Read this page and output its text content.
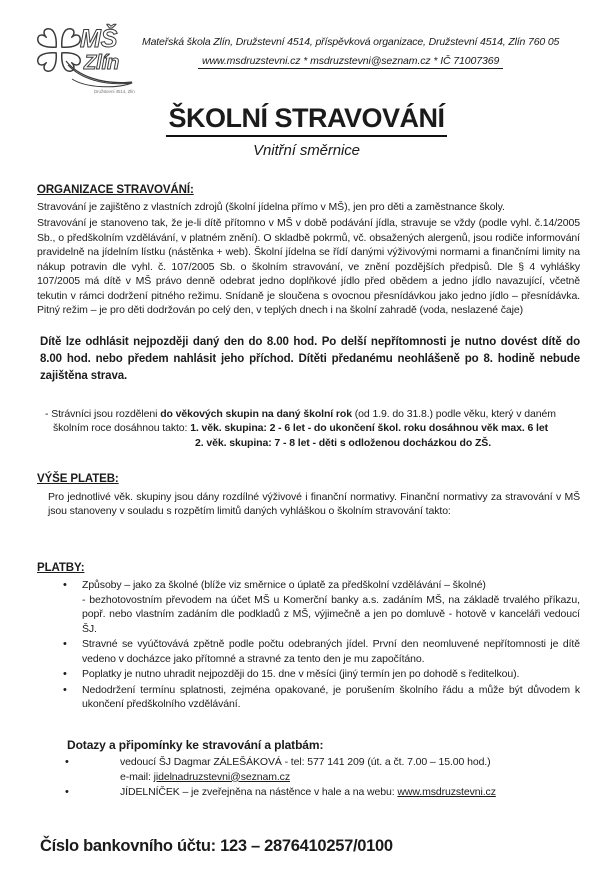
MŠ
Zlín
Družstevní 4514, Zlín
Mateřská škola Zlín, Družstevní 4514, příspěvková organizace, Družstevní 4514, Zlín 760 05
www.msdruzstevni.cz * msdruzstevni@seznam.cz * IČ 71007369
ŠKOLNÍ STRAVOVÁNÍ
Vnitřní směrnice
ORGANIZACE STRAVOVÁNÍ:
Stravování je zajištěno z vlastních zdrojů (školní jídelna přímo v MŠ), jen pro děti a zaměstnance školy.
Stravování je stanoveno tak, že je-li dítě přítomno v MŠ v době podávání jídla, stravuje se vždy (podle vyhl. č.14/2005 Sb., o předškolním vzdělávání, v platném znění). O skladbě pokrmů, vč. obsažených alergenů, jsou rodiče informování pravidelně na jídelním lístku (nástěnka + web). Školní jídelna se řídí danými výživovými normami a finančními limity na nákup potravin dle vyhl. č. 107/2005 Sb. o školním stravování, ve znění pozdějších předpisů. Dle § 4 vyhlášky 107/2005 má dítě v MŠ právo denně odebrat jedno doplňkové jídlo před obědem a jedno jídlo navazující, včetně tekutin v rámci dodržení pitného režimu. Snídaně je sloučena s ovocnou přesnídávkou jako jedno jídlo – přesnídávka. Pitný režim – je pro děti dodržován po celý den, v teplých dnech i na školní zahradě (voda, neslazené čaje)
Dítě lze odhlásit nejpozději daný den do 8.00 hod. Po delší nepřítomnosti je nutno dovést dítě do 8.00 hod. nebo předem nahlásit jeho příchod. Dítěti předanému neohlášeně po 8. hodině nebude zajištěna strava.
- Strávníci jsou rozděleni do věkových skupin na daný školní rok (od 1.9. do 31.8.) podle věku, který v daném
školním roce dosáhnou takto: 1. věk. skupina: 2 - 6 let - do ukončení škol. roku dosáhnou věk max. 6 let
2. věk. skupina: 7 - 8 let - děti s odloženou docházkou do ZŠ.
VÝŠE PLATEB:
Pro jednotlivé věk. skupiny jsou dány rozdílné výživové i finanční normativy. Finanční normativy za stravování v MŠ jsou stanoveny v souladu s rozpětím limitů daných vyhláškou o školním stravování takto:
PLATBY:
• Způsoby – jako za školné (blíže viz směrnice o úplatě za předškolní vzdělávání – školné)
- bezhotovostním převodem na účet MŠ u Komerční banky a.s. zadáním MŠ, na základě trvalého příkazu, popř. nebo vlastním zadáním dle podkladů z MŠ, výjimečně a jen po domluvě - hotově v kanceláři vedoucí ŠJ.
• Stravné se vyúčtovává zpětně podle počtu odebraných jídel. První den neomluvené nepřítomnosti je dítě vedeno v docházce jako přítomné a stravné za tento den je mu započítáno.
• Poplatky je nutno uhradit nejpozději do 15. dne v měsíci (jiný termín jen po dohodě s ředitelkou).
• Nedodržení termínu splatnosti, zejména opakované, je porušením školního řádu a může být důvodem k ukončení předškolního vzdělávání.
Dotazy a připomínky ke stravování a platbám:
• vedoucí ŠJ Dagmar ZÁLEŠÁKOVÁ - tel: 577 141 209 (út. a čt. 7.00 – 15.00 hod.)
e-mail: jidelnadruzstevni@seznam.cz
• JÍDELNÍČEK – je zveřejněna na nástěnce v hale a na webu: www.msdruzstevni.cz
Číslo bankovního účtu: 123 – 2876410257/0100
